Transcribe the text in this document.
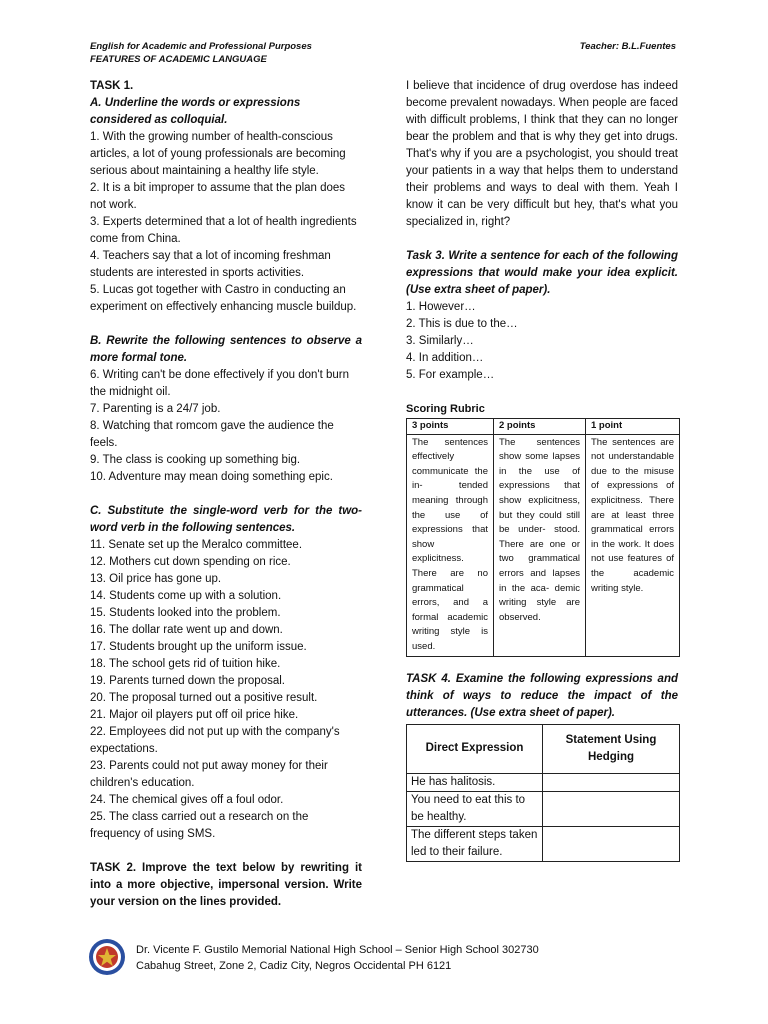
English for Academic and Professional Purposes
FEATURES OF ACADEMIC LANGUAGE
Teacher: B.L.Fuentes

TASK 1.

A. Underline the words or expressions considered as colloquial.

1. With the growing number of health-conscious articles, a lot of young professionals are becoming serious about maintaining a healthy life style.

2. It is a bit improper to assume that the plan does not work.

3. Experts determined that a lot of health ingredients come from China.

4. Teachers say that a lot of incoming freshman students are interested in sports activities.

5. Lucas got together with Castro in conducting an experiment on effectively enhancing muscle buildup.

B. Rewrite the following sentences to observe a more formal tone.

6. Writing can't be done effectively if you don't burn the midnight oil.

7. Parenting is a 24/7 job.

8. Watching that romcom gave the audience the feels.

9. The class is cooking up something big.

10. Adventure may mean doing something epic.

C. Substitute the single-word verb for the two-word verb in the following sentences.

11. Senate set up the Meralco committee.

12. Mothers cut down spending on rice.

13. Oil price has gone up.

14. Students come up with a solution.

15. Students looked into the problem.

16. The dollar rate went up and down.

17. Students brought up the uniform issue.

18. The school gets rid of tuition hike.

19. Parents turned down the proposal.

20. The proposal turned out a positive result.

21. Major oil players put off oil price hike.

22. Employees did not put up with the company's expectations.

23. Parents could not put away money for their children's education.

24. The chemical gives off a foul odor.

25. The class carried out a research on the frequency of using SMS.

TASK 2. Improve the text below by rewriting it into a more objective, impersonal version. Write your version on the lines provided.

I believe that incidence of drug overdose has indeed become prevalent nowadays. When people are faced with difficult problems, I think that they can no longer bear the problem and that is why they get into drugs. That's why if you are a psychologist, you should treat your patients in a way that helps them to understand their problems and ways to deal with them. Yeah I know it can be very difficult but hey, that's what you specialized in, right?

Task 3. Write a sentence for each of the following expressions that would make your idea explicit. (Use extra sheet of paper).

1. However…

2. This is due to the…

3. Similarly…

4. In addition…

5. For example…

Scoring Rubric

3 points	2 points	1 point
The sentences effectively communicate the in- tended meaning through the use of expressions that show explicitness. There are no grammatical errors, and a formal academic writing style is used.	The sentences show some lapses in the use of expressions that show explicitness, but they could still be under- stood. There are one or two grammatical errors and lapses in the aca- demic writing style are observed.	The sentences are not understandable due to the misuse of expressions of explicitness. There are at least three grammatical errors in the work. It does not use features of the academic writing style.

TASK 4. Examine the following expressions and think of ways to reduce the impact of the utterances. (Use extra sheet of paper).

Direct Expression	Statement Using Hedging
He has halitosis.	
You need to eat this to be healthy.	
The different steps taken led to their failure.	
Dr. Vicente F. Gustilo Memorial National High School – Senior High School 302730
Cabahug Street, Zone 2, Cadiz City, Negros Occidental PH 6121
